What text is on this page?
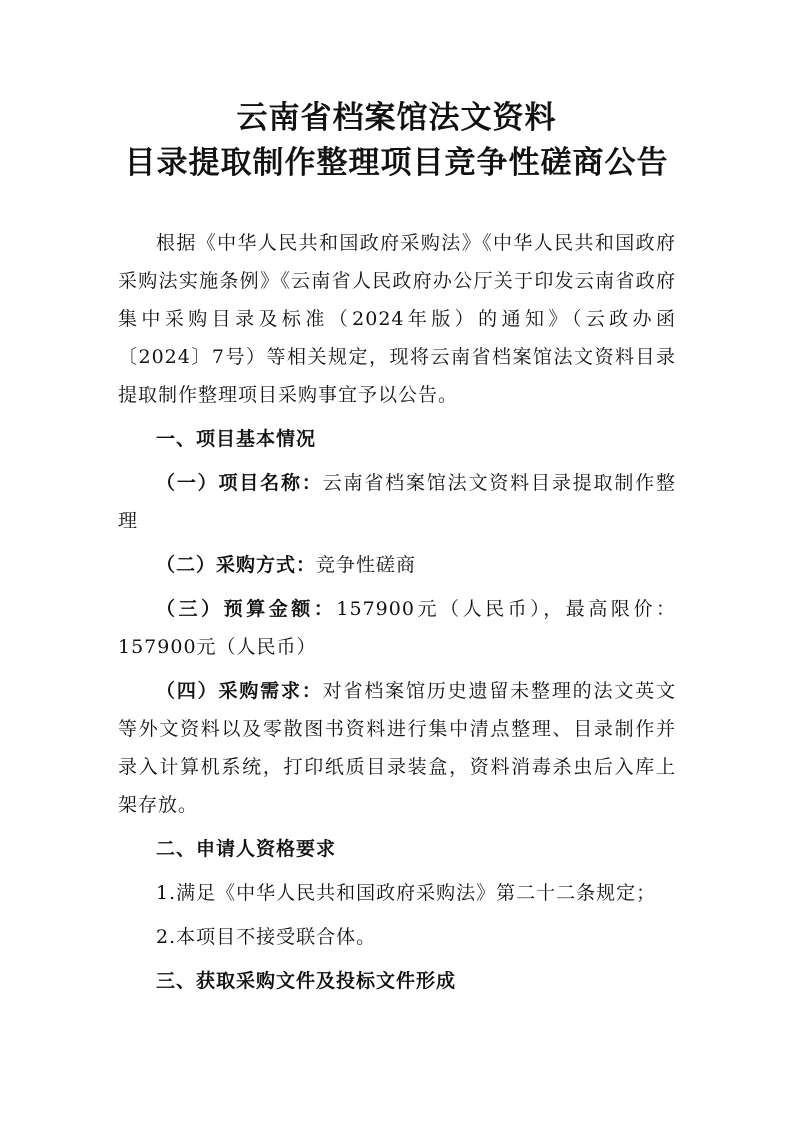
云南省档案馆法文资料
目录提取制作整理项目竞争性磋商公告

根据《中华人民共和国政府采购法》《中华人民共和国政府采购法实施条例》《云南省人民政府办公厅关于印发云南省政府集中采购目录及标准（2024年版）的通知》（云政办函〔2024〕7号）等相关规定，现将云南省档案馆法文资料目录提取制作整理项目采购事宜予以公告。

一、项目基本情况

（一）项目名称：云南省档案馆法文资料目录提取制作整理

（二）采购方式：竞争性磋商

（三）预算金额：157900元（人民币），最高限价：157900元（人民币）

（四）采购需求：对省档案馆历史遗留未整理的法文英文等外文资料以及零散图书资料进行集中清点整理、目录制作并录入计算机系统，打印纸质目录装盒，资料消毒杀虫后入库上架存放。

二、申请人资格要求

1.满足《中华人民共和国政府采购法》第二十二条规定；

2.本项目不接受联合体。

三、获取采购文件及投标文件形成
